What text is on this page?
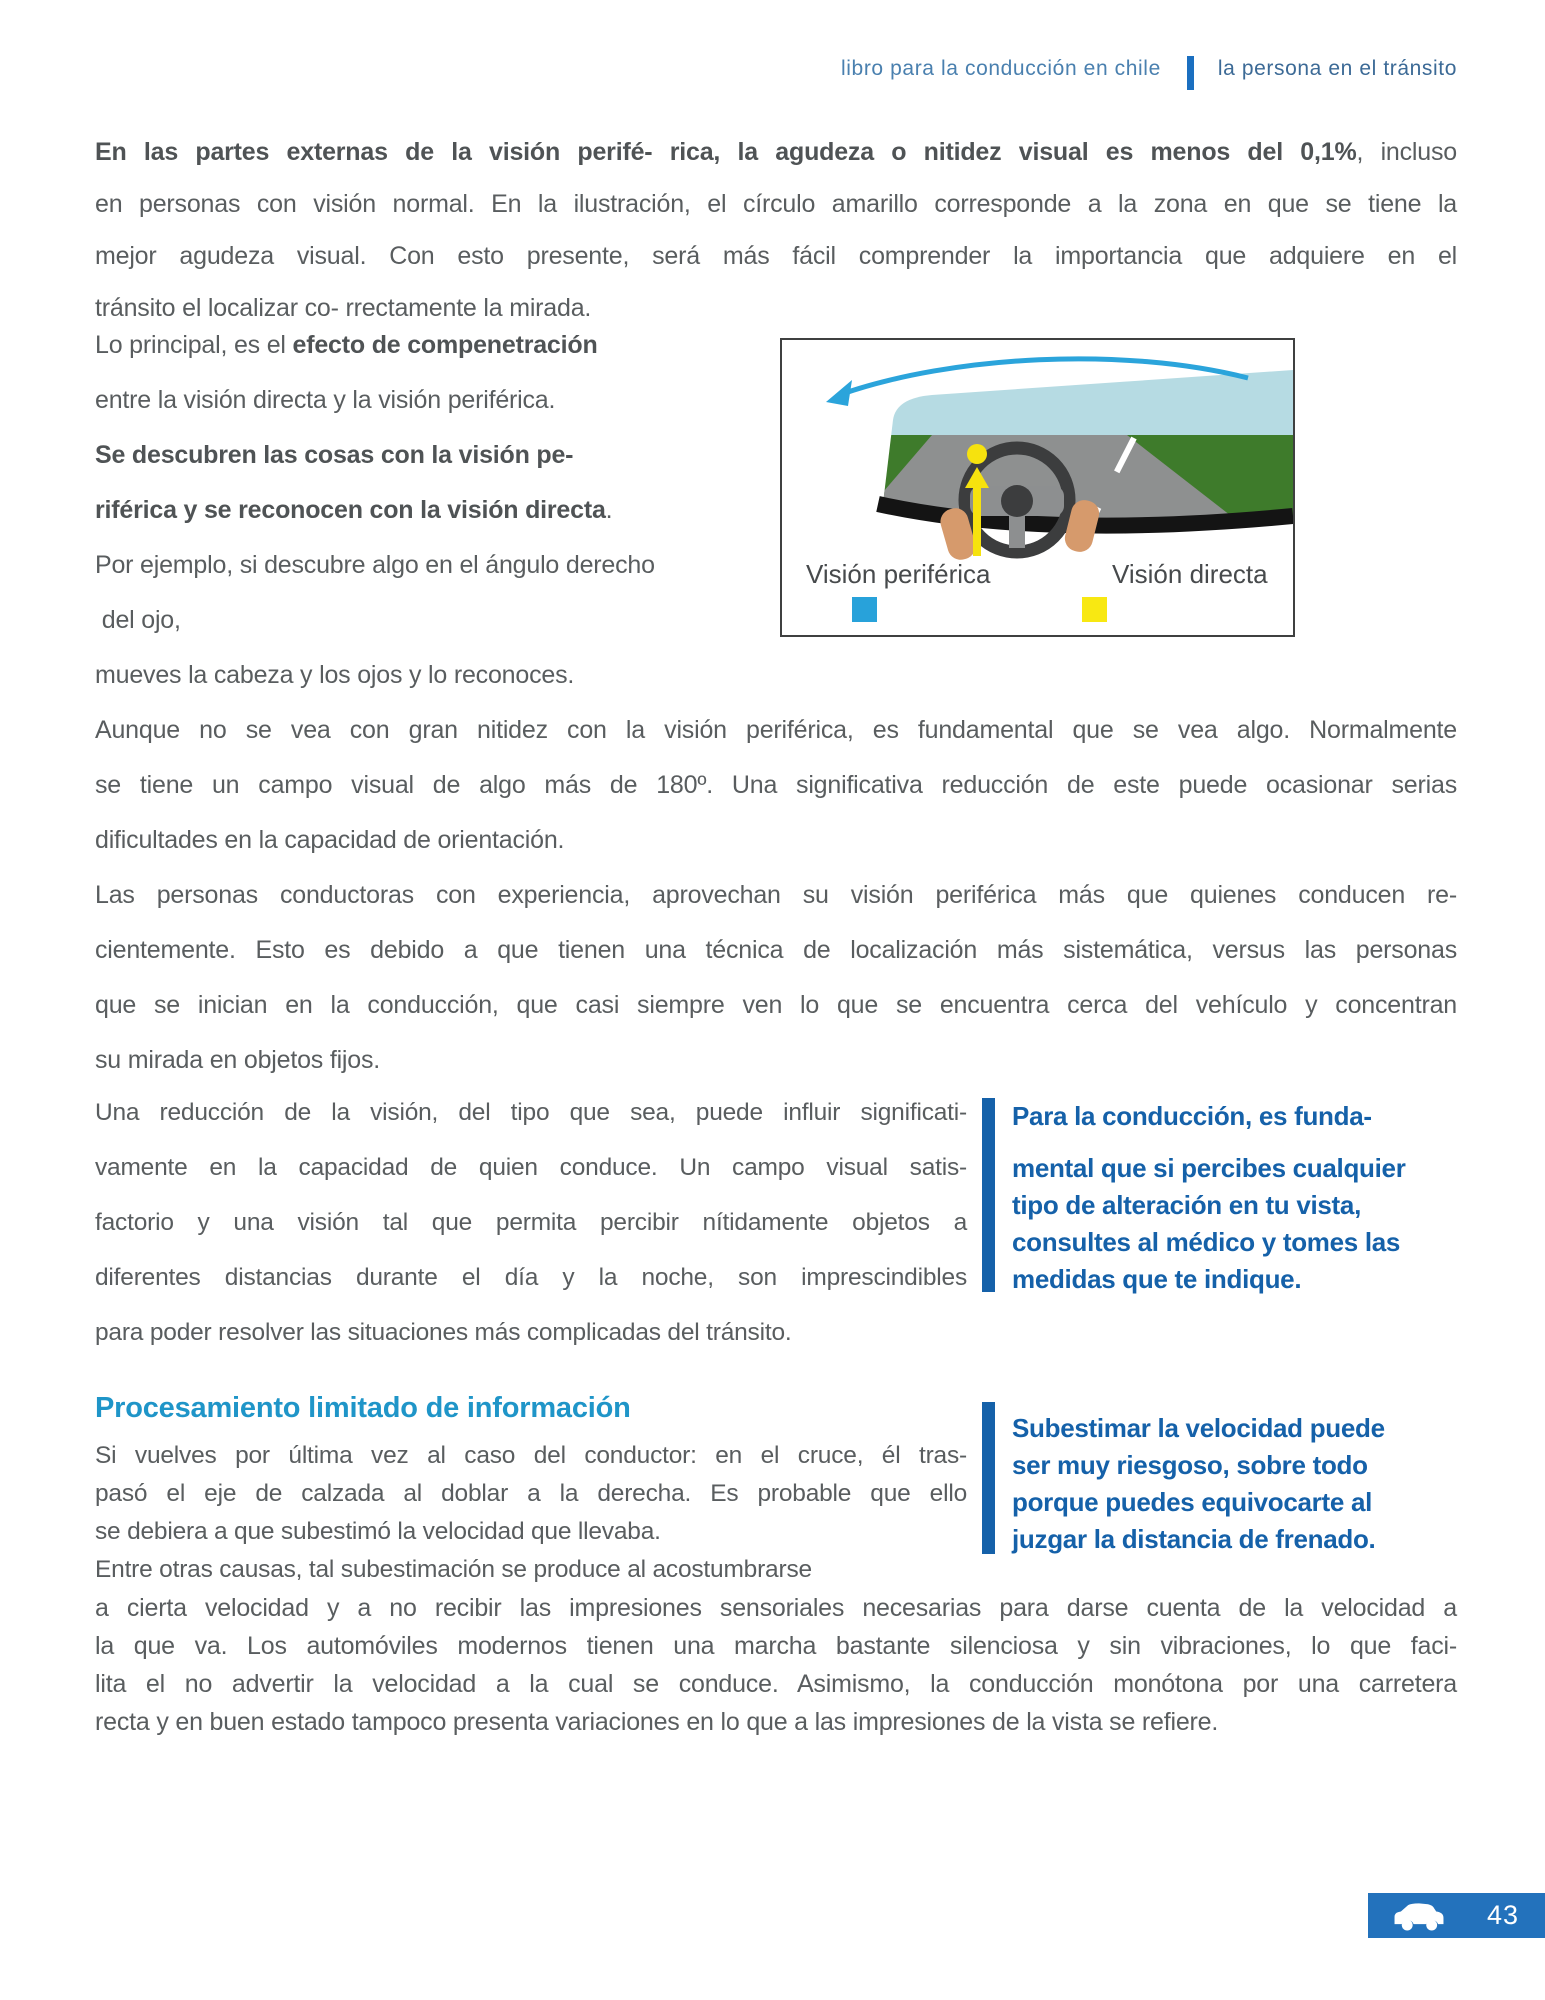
libro para la conducción en chile	la persona en el tránsito
En las partes externas de la visión perifé- rica, la agudeza o nitidez visual es menos del 0,1%, incluso
en personas con visión normal. En la ilustración, el círculo amarillo corresponde a la zona en que se tiene la
mejor agudeza visual. Con esto presente, será más fácil comprender la importancia que adquiere en el
tránsito el localizar co- rrectamente la mirada.
Lo principal, es el efecto de compenetración
entre la visión directa y la visión periférica.
Se descubren las cosas con la visión pe-
riférica y se reconocen con la visión directa.
Por ejemplo, si descubre algo en el ángulo derecho
del ojo,
Visión periférica	Visión directa
mueves la cabeza y los ojos y lo reconoces.
Aunque no se vea con gran nitidez con la visión periférica, es fundamental que se vea algo. Normalmente
se tiene un campo visual de algo más de 180º. Una significativa reducción de este puede ocasionar serias
dificultades en la capacidad de orientación.
Las personas conductoras con experiencia, aprovechan su visión periférica más que quienes conducen re-
cientemente. Esto es debido a que tienen una técnica de localización más sistemática, versus las personas
que se inician en la conducción, que casi siempre ven lo que se encuentra cerca del vehículo y concentran
su mirada en objetos fijos.
Una reducción de la visión, del tipo que sea, puede influir significati-
vamente en la capacidad de quien conduce. Un campo visual satis-
factorio y una visión tal que permita percibir nítidamente objetos a
diferentes distancias durante el día y la noche, son imprescindibles
para poder resolver las situaciones más complicadas del tránsito.
Para la conducción, es funda-
mental que si percibes cualquier
tipo de alteración en tu vista,
consultes al médico y tomes las
medidas que te indique.
Procesamiento limitado de información
Si vuelves por última vez al caso del conductor: en el cruce, él tras-
pasó el eje de calzada al doblar a la derecha. Es probable que ello
se debiera a que subestimó la velocidad que llevaba.
Entre otras causas, tal subestimación se produce al acostumbrarse
Subestimar la velocidad puede
ser muy riesgoso, sobre todo
porque puedes equivocarte al
juzgar la distancia de frenado.
a cierta velocidad y a no recibir las impresiones sensoriales necesarias para darse cuenta de la velocidad a
la que va. Los automóviles modernos tienen una marcha bastante silenciosa y sin vibraciones, lo que faci-
lita el no advertir la velocidad a la cual se conduce. Asimismo, la conducción monótona por una carretera
recta y en buen estado tampoco presenta variaciones en lo que a las impresiones de la vista se refiere.
43
